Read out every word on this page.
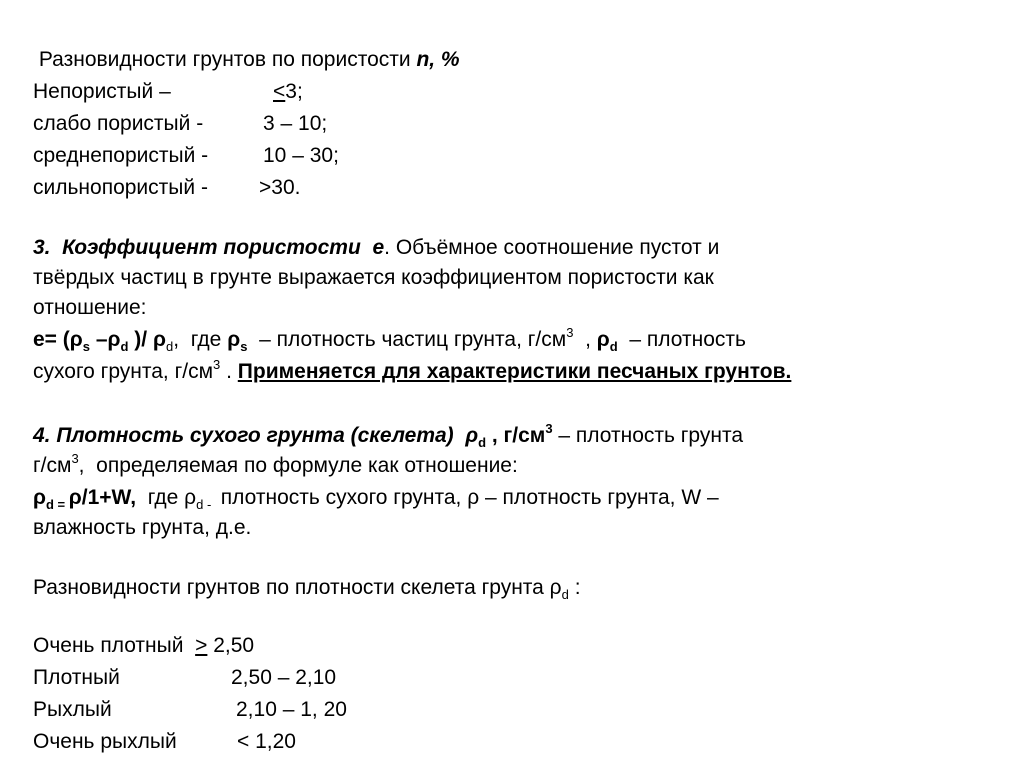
Разновидности грунтов по пористости n, %
Непористый –	≤3;
слабо пористый -	3 – 10;
среднепористый -	10 – 30;
сильнопористый - >30.
3.  Коэффициент пористости  е. Объёмное соотношение пустот и
твёрдых частиц в грунте выражается коэффициентом пористости как
отношение:
$е= (\rho_s$ $-\rho_d$ )/ $\rho_d$,  где $\rho_s$  – плотность частиц грунта, $г/см^3$  , $\rho_d$  – плотность
сухого грунта, $г/см^3$ . Применяется для характеристики песчаных грунтов.
4. Плотность сухого грунта (скелета)  $\rho_d$ , $г/см^3$ – плотность грунта
$г/см^3$,  определяемая по формуле как отношение:
$\rho_{d =}$ ρ/1+W,  где $\rho_{d -}$  плотность сухого грунта, ρ – плотность грунта, W –
влажность грунта, д.е.
Разновидности грунтов по плотности скелета грунта $\rho_d$ :
Очень плотный  ≥ 2,50
Плотный	2,50 – 2,10
Рыхлый	2,10 – 1, 20
Очень рыхлый	< 1,20
